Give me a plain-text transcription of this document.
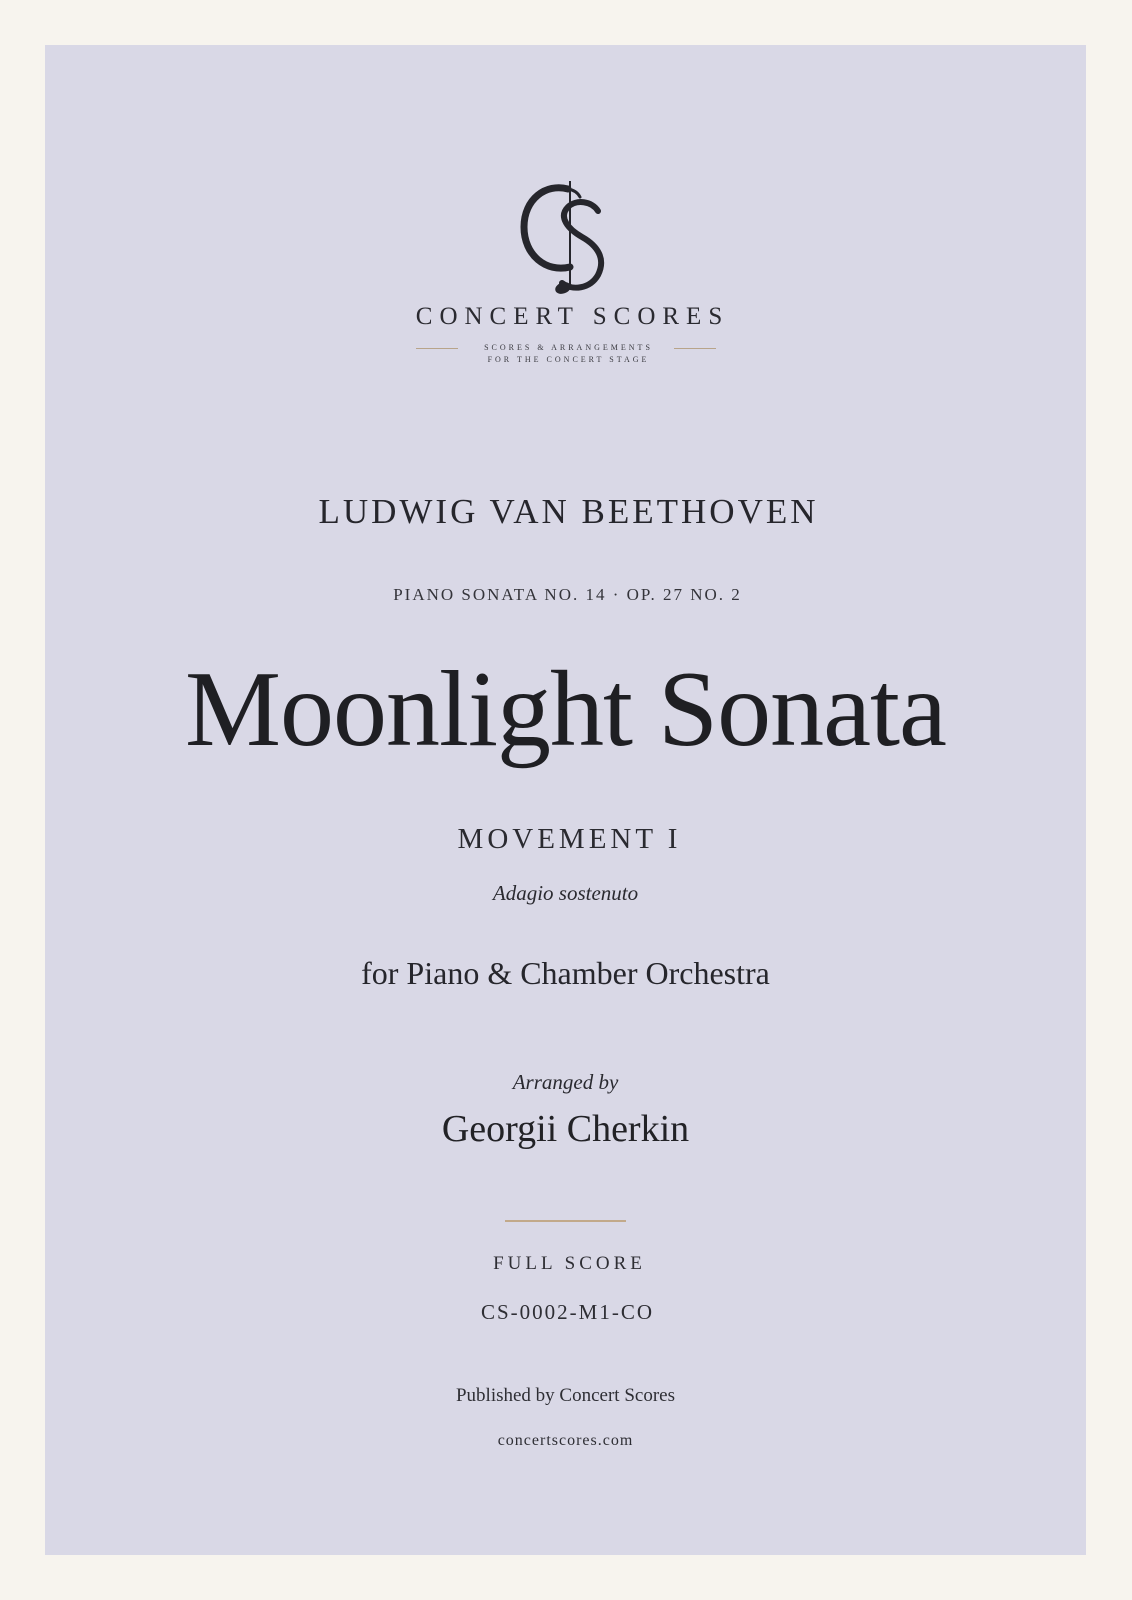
CONCERT SCORES
SCORES & ARRANGEMENTS
FOR THE CONCERT STAGE
LUDWIG VAN BEETHOVEN
PIANO SONATA NO. 14 · OP. 27 NO. 2
Moonlight Sonata
MOVEMENT I
Adagio sostenuto
for Piano & Chamber Orchestra
Arranged by
Georgii Cherkin
FULL SCORE
CS-0002-M1-CO
Published by Concert Scores
concertscores.com
